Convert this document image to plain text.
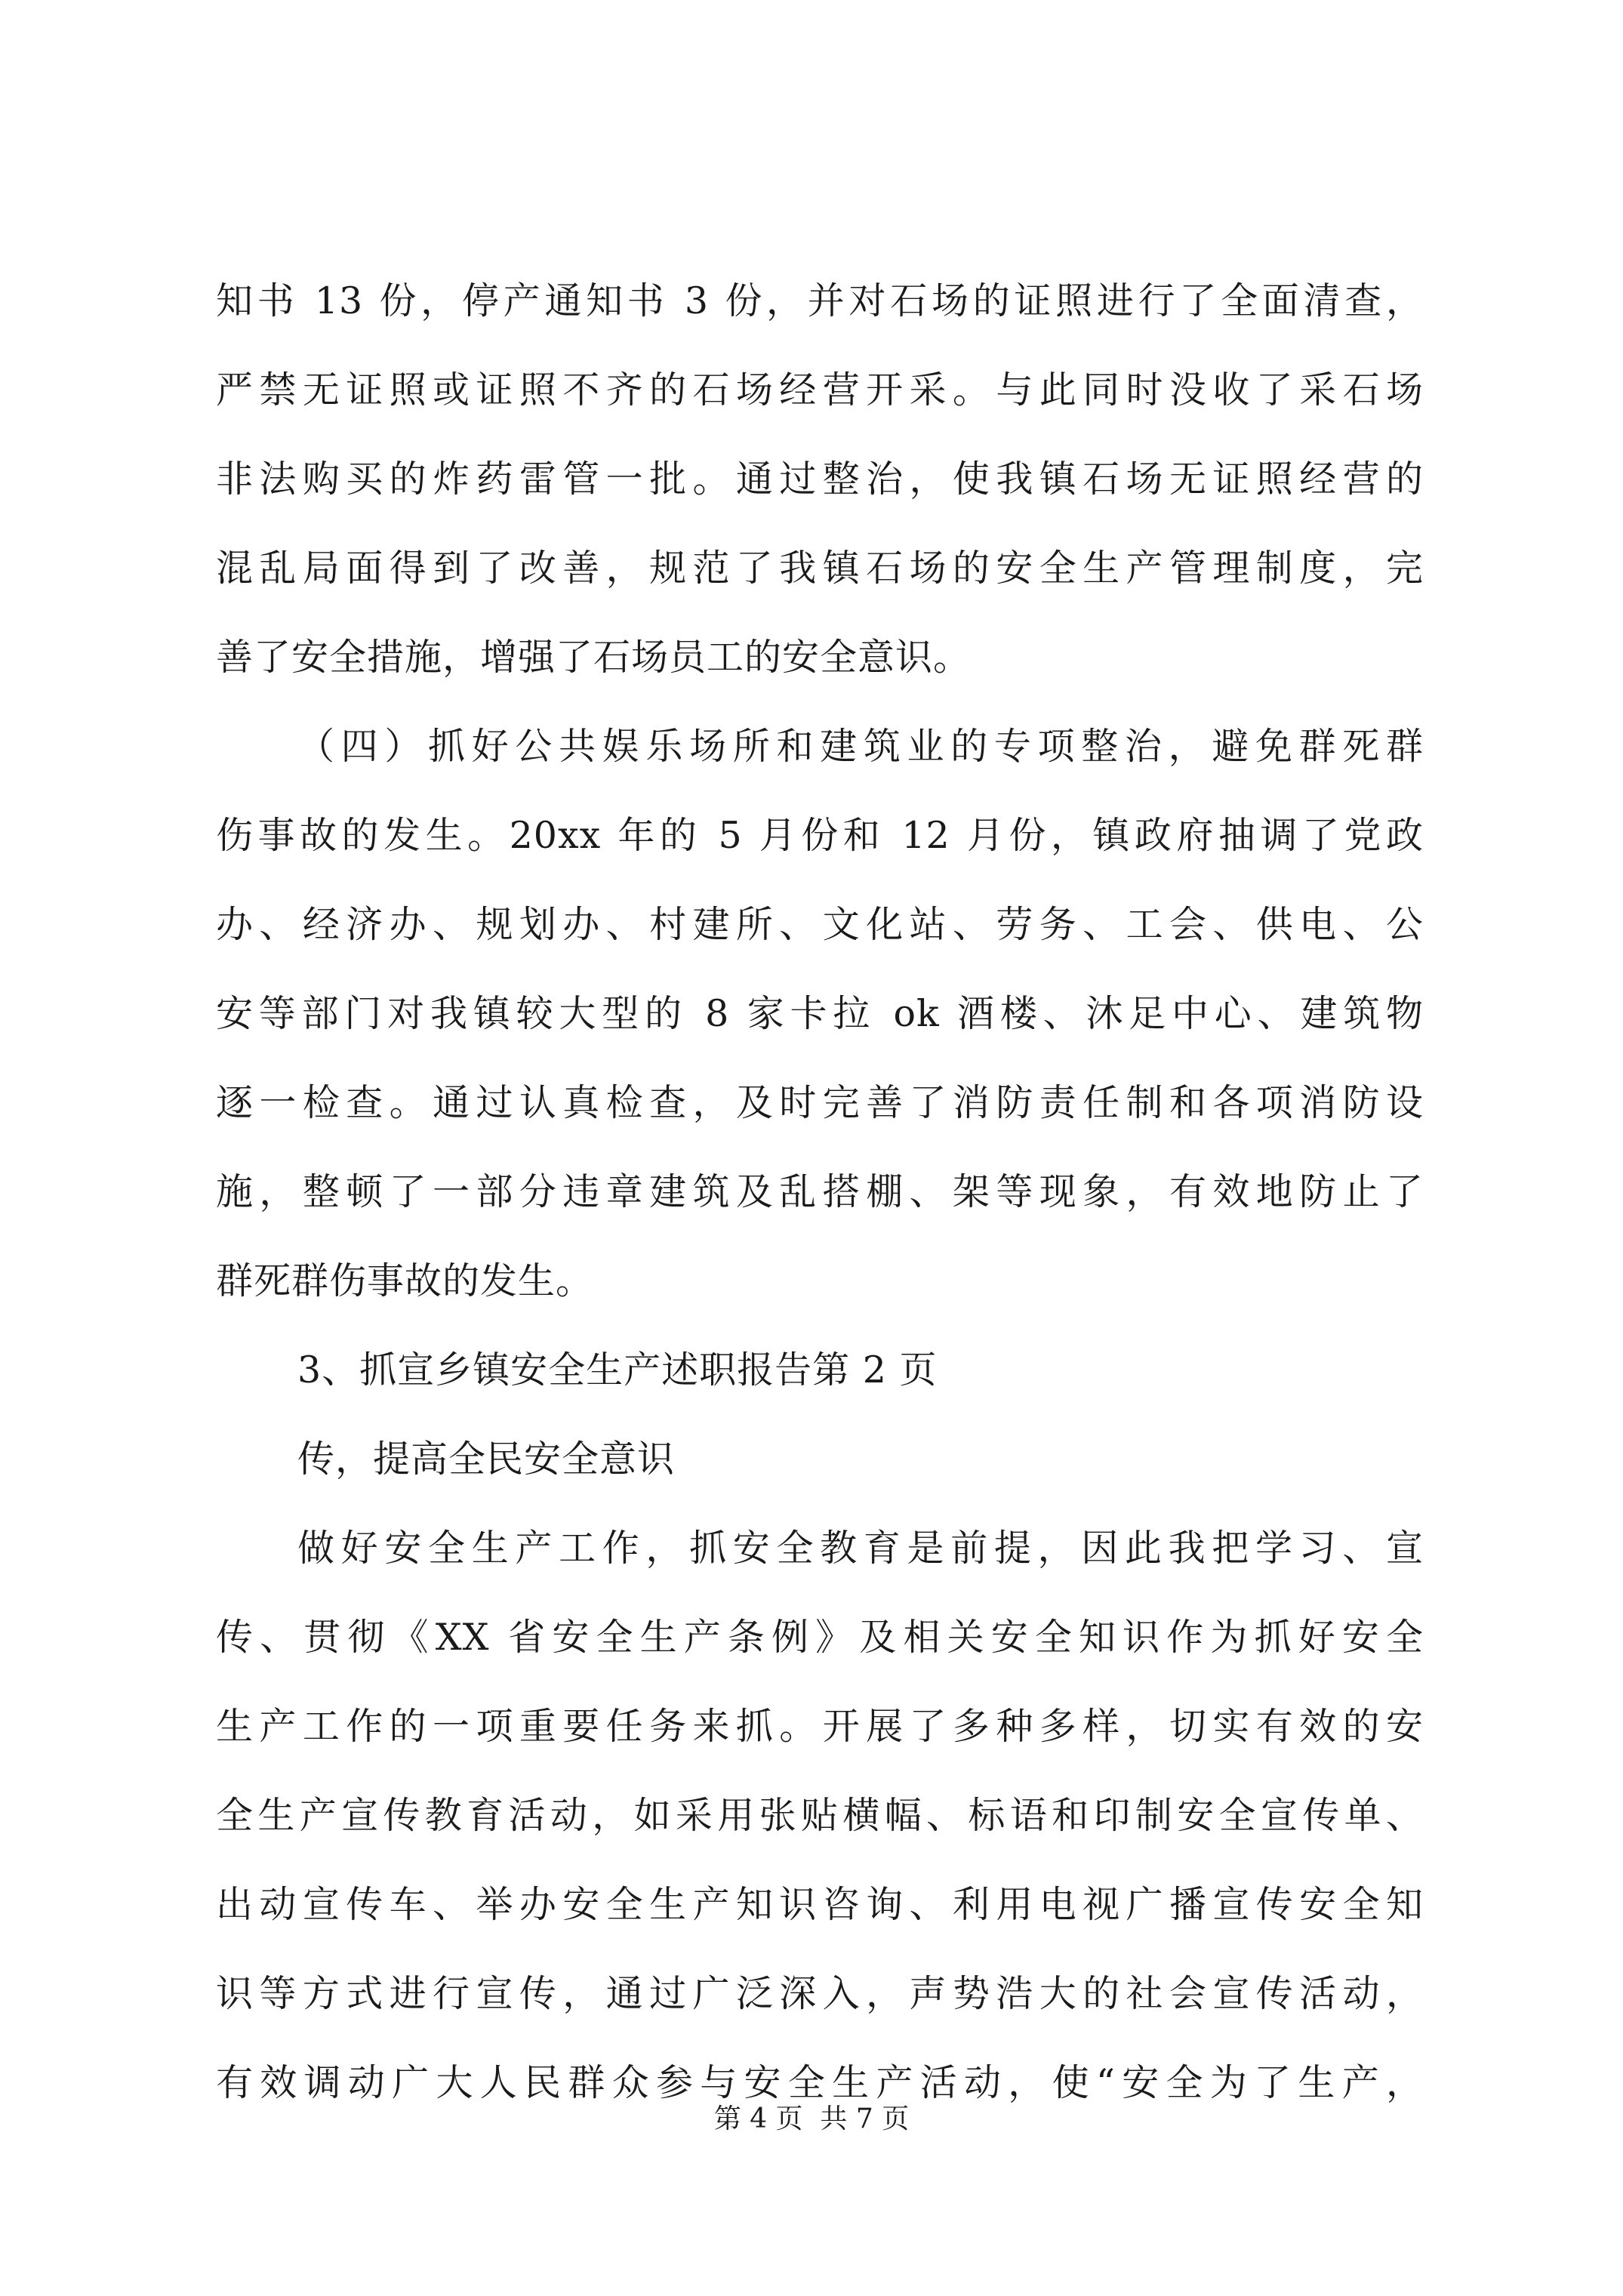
知书 13 份，停产通知书 3 份，并对石场的证照进行了全面清查，
严禁无证照或证照不齐的石场经营开采。与此同时没收了采石场
非法购买的炸药雷管一批。通过整治，使我镇石场无证照经营的
混乱局面得到了改善，规范了我镇石场的安全生产管理制度，完
善了安全措施，增强了石场员工的安全意识。
（四）抓好公共娱乐场所和建筑业的专项整治，避免群死群
伤事故的发生。20xx 年的 5 月份和 12 月份，镇政府抽调了党政
办、经济办、规划办、村建所、文化站、劳务、工会、供电、公
安等部门对我镇较大型的 8 家卡拉 ok 酒楼、沐足中心、建筑物
逐一检查。通过认真检查，及时完善了消防责任制和各项消防设
施，整顿了一部分违章建筑及乱搭棚、架等现象，有效地防止了
群死群伤事故的发生。
3、抓宣乡镇安全生产述职报告第 2 页
传，提高全民安全意识
做好安全生产工作，抓安全教育是前提，因此我把学习、宣
传、贯彻《XX 省安全生产条例》及相关安全知识作为抓好安全
生产工作的一项重要任务来抓。开展了多种多样，切实有效的安
全生产宣传教育活动，如采用张贴横幅、标语和印制安全宣传单、
出动宣传车、举办安全生产知识咨询、利用电视广播宣传安全知
识等方式进行宣传，通过广泛深入，声势浩大的社会宣传活动，
有效调动广大人民群众参与安全生产活动，使“安全为了生产，
第 4 页  共 7 页
